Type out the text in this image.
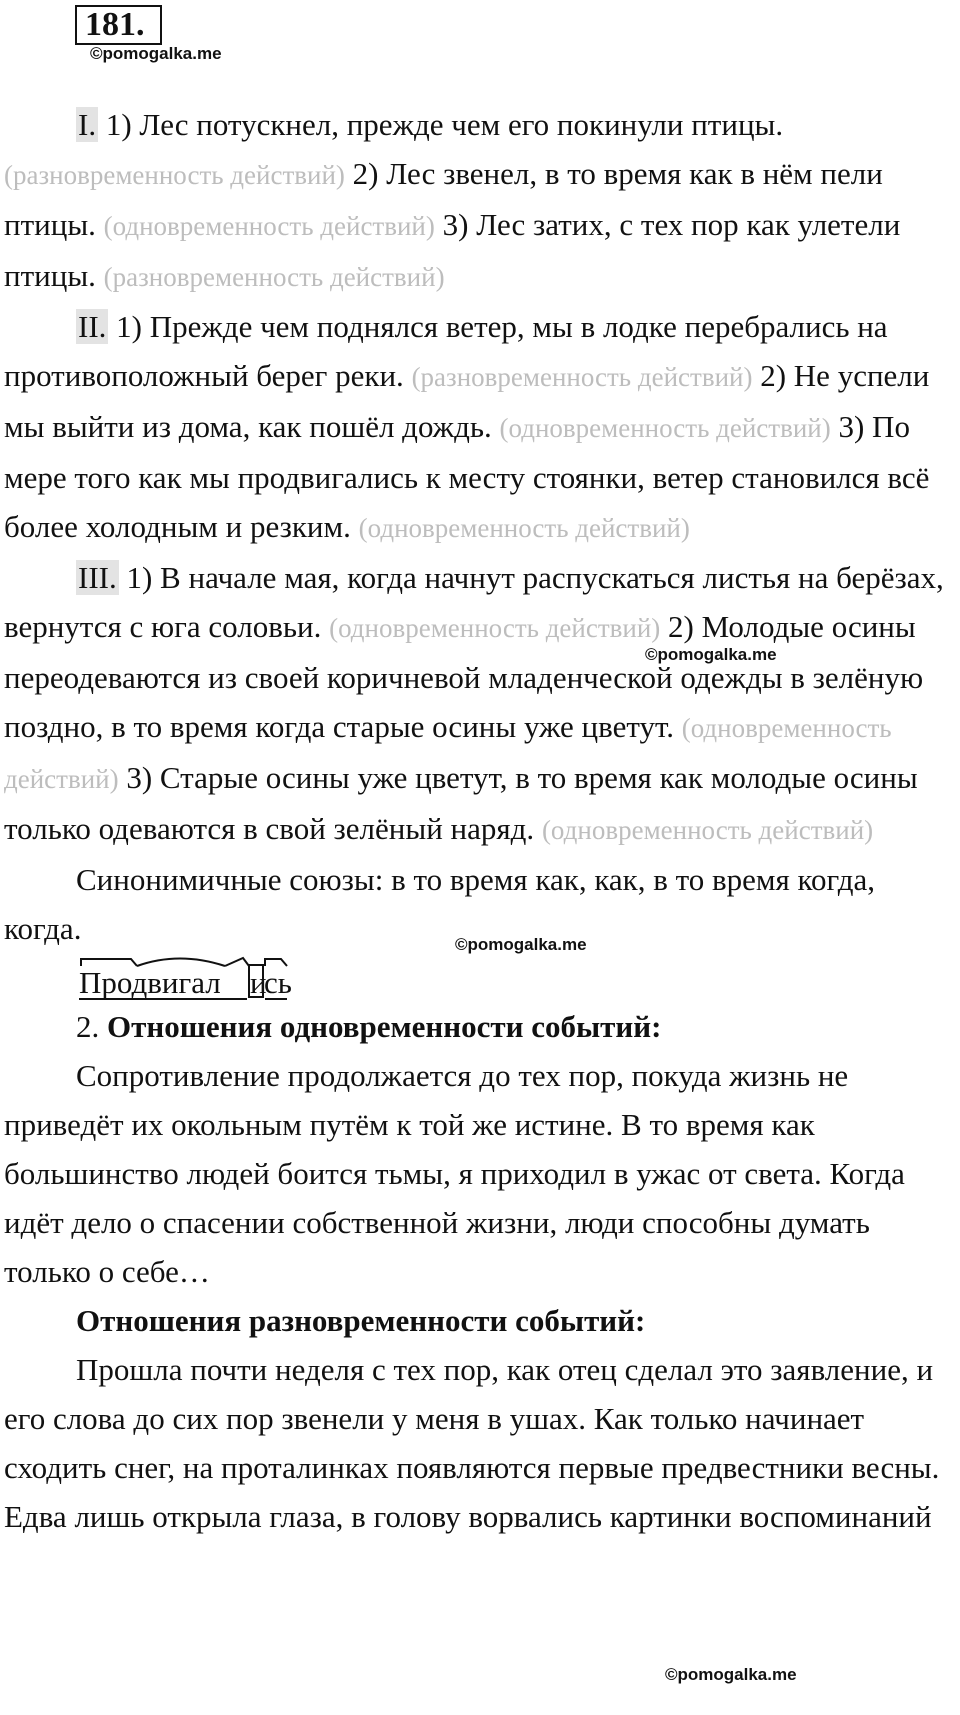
181.
©pomogalka.me
©pomogalka.me
©pomogalka.me
©pomogalka.me

I. 1) Лес потускнел, прежде чем его покинули птицы. (разновременность действий) 2) Лес звенел, в то время как в нём пели птицы. (одновременность действий) 3) Лес затих, с тех пор как улетели птицы. (разновременность действий)

II. 1) Прежде чем поднялся ветер, мы в лодке перебрались на противоположный берег реки. (разновременность действий) 2) Не успели мы выйти из дома, как пошёл дождь. (одновременность действий) 3) По мере того как мы продвигались к месту стоянки, ветер становился всё более холодным и резким. (одновременность действий)

III. 1) В начале мая, когда начнут распускаться листья на берёзах, вернутся с юга соловьи. (одновременность действий) 2) Молодые осины переодеваются из своей коричневой младенческой одежды в зелёную поздно, в то время когда старые осины уже цветут. (одновременность действий) 3) Старые осины уже цветут, в то время как молодые осины только одеваются в свой зелёный наряд. (одновременность действий)

Синонимичные союзы: в то время как, как, в то время когда, когда.

Продвигал и
сь

2. Отношения одновременности событий:

Сопротивление продолжается до тех пор, покуда жизнь не приведёт их окольным путём к той же истине. В то время как большинство людей боится тьмы, я приходил в ужас от света. Когда идёт дело о спасении собственной жизни, люди способны думать только о себе…

Отношения разновременности событий:

Прошла почти неделя с тех пор, как отец сделал это заявление, и его слова до сих пор звенели у меня в ушах. Как только начинает сходить снег, на проталинках появляются первые предвестники весны. Едва лишь открыла глаза, в голову ворвались картинки воспоминаний
